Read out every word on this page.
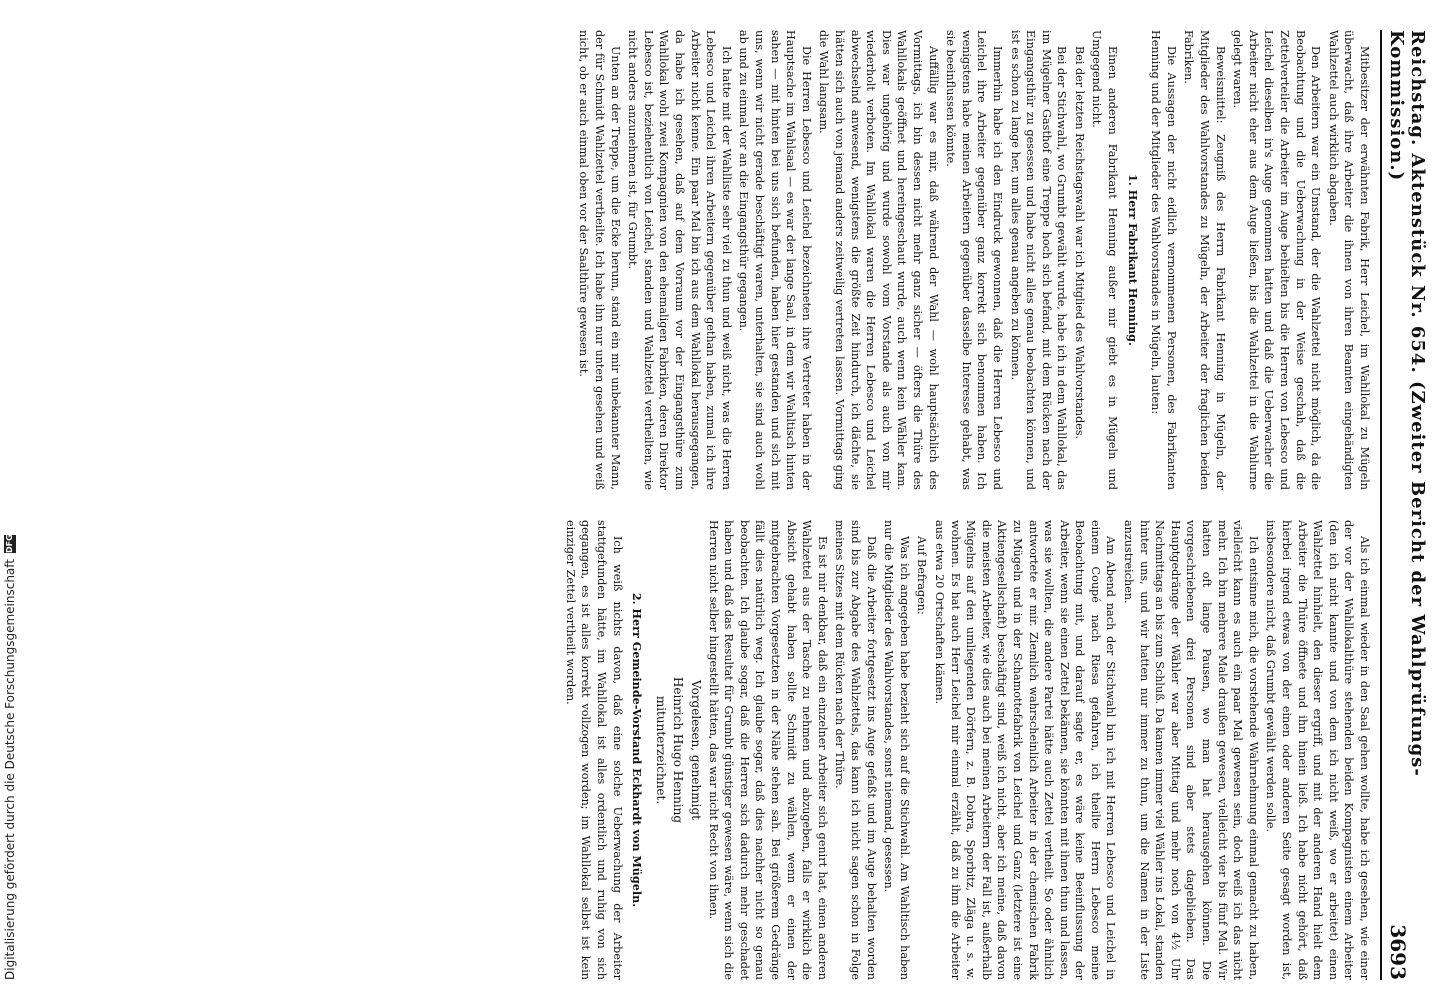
Digitalisierung gefördert durch die Deutsche Forschungsgemeinschaft
DFG	Reichstag. Aktenstück Nr. 654. (Zweiter Bericht der Wahlprüfungs-Kommission.)
3693

Mitbesitzer der erwähnten Fabrik, Herr Leichel, im Wahllokal zu Mügeln überwacht, daß ihre Arbeiter die ihnen von ihren Beamten eingehändigten Wahlzettel auch wirklich abgaben.

Den Arbeitern war ein Umstand, der die Wahlzettel nicht möglich, da die Beobachtung und die Ueberwachung in der Weise geschah, daß die Zettelverteiler die Arbeiter im Auge behielten bis die Herren von Lebesco und Leichel dieselben in's Auge genommen hatten und daß die Ueberwacher die Arbeiter nicht eher aus dem Auge ließen, bis die Wahlzettel in die Wahlurne gelegt waren.

Beweismittel: Zeugniß des Herrn Fabrikant Henning in Mügeln, der Mitglieder des Wahlvorstandes zu Mügeln, der Arbeiter der fraglichen beiden Fabriken.

Die Aussagen der nicht eidlich vernommenen Personen, des Fabrikanten Henning und der Mitglieder des Wahlvorstandes in Mügeln, lauten:

1. Herr Fabrikant Henning.

Einen anderen Fabrikant Henning außer mir giebt es in Mügeln und Umgegend nicht.

Bei der letzten Reichstagswahl war ich Mitglied des Wahlvorstandes.

Bei der Stichwahl, wo Grumbt gewählt wurde, habe ich in dem Wahllokal, das im Mügelner Gasthof eine Treppe hoch sich befand, mit dem Rücken nach der Eingangsthür zu gesessen und habe nicht alles genau beobachten können, und ist es schon zu lange her, um alles genau angeben zu können.

Immerhin habe ich den Eindruck gewonnen, daß die Herren Lebesco und Leichel ihre Arbeiter gegenüber ganz korrekt sich benommen haben. Ich wenigstens habe meinen Arbeitern gegenüber dasselbe Interesse gehabt, was sie beeinflussen könnte.

Auffällig war es mir, daß während der Wahl — wohl hauptsächlich des Vormittags, ich bin dessen nicht mehr ganz sicher — öfters die Thüre des Wahllokals geöffnet und hereingeschaut wurde, auch wenn kein Wähler kam. Dies war ungehörig und wurde sowohl vom Vorstande als auch von mir wiederholt verboten. Im Wahllokal waren die Herren Lebesco und Leichel abwechselnd anwesend, wenigstens die größte Zeit hindurch, ich dächte, sie hätten sich auch von jemand anders zeitweilig vertreten lassen. Vormittags ging die Wahl langsam.

Die Herren Lebesco und Leichel bezeichneten ihre Vertreter haben in der Hauptsache im Wahlsaal — es war der lange Saal, in dem wir Wahltisch hinten sahen — mit hinten bei uns sich befunden, haben hier gestanden und sich mit uns, wenn wir nicht gerade beschäftigt waren, unterhalten, sie sind auch wohl ab und zu einmal vor an die Eingangsthür gegangen.

Ich hatte mit der Wahlliste sehr viel zu thun und weiß nicht, was die Herren Lebesco und Leichel ihren Arbeitern gegenüber gethan haben, zumal ich ihre Arbeiter nicht kenne. Ein paar Mal bin ich aus dem Wahllokal herausgegangen, da habe ich gesehen, daß auf dem Vorraum vor der Eingangsthüre zum Wahllokal wohl zwei Kompagnien von den ehemaligen Fabriken, deren Direktor Lebesco ist, beziehentlich von Leichel, standen und Wahlzettel vertheilten, wie nicht anders anzunehmen ist, für Grumbt.

Unten an der Treppe, um die Ecke herum, stand ein mir unbekannter Mann, der für Schmidt Wahlzettel vertheilte. Ich habe ihn nur unten gesehen und weiß nicht, ob er auch einmal oben vor der Saalthüre gewesen ist.

Als ich einmal wieder in den Saal gehen wollte, habe ich gesehen, wie einer der vor der Wahllokalthüre stehenden beiden Kompagnisten einem Arbeiter (den ich nicht kannte und von dem ich nicht weiß, wo er arbeitet) einen Wahlzettel hinhielt, den dieser ergriff, und mit der anderen Hand hielt dem Arbeiter die Thüre öffnete und ihn hinein ließ. Ich habe nicht gehört, daß hierbei irgend etwas von der einen oder anderen Seite gesagt worden ist, insbesondere nicht, daß Grumbt gewählt werden solle.

Ich entsinne mich, die vorstehende Wahrnehmung einmal gemacht zu haben, vielleicht kann es auch ein paar Mal gewesen sein, doch weiß ich das nicht mehr. Ich bin mehrere Male draußen gewesen, vielleicht vier bis fünf Mal. Wir hatten oft lange Pausen, wo man hat herausgehen können. Die vorgeschriebenen drei Personen sind aber stets dageblieben. Das Hauptgedränge der Wähler war aber Mittag und mehr noch von 4½ Uhr Nachmittags an bis zum Schluß. Da kamen immer viel Wähler ins Lokal, standen hinter uns, und wir hatten nur immer zu thun, um die Namen in der Liste anzustreichen.

Am Abend nach der Stichwahl bin ich mit Herren Lebesco und Leichel in einem Coupé nach Riesa gefahren, ich theilte Herrn Lebesco meine Beobachtung mit, und darauf sagte er, es wäre keine Beeinflussung der Arbeiter, wenn sie einen Zettel bekämen, sie könnten mit ihnen thun und lassen, was sie wollten, die andere Partei hätte auch Zettel vertheilt. So oder ähnlich antwortete er mir. Ziemlich wahrscheinlich Arbeiter in der chemischen Fabrik zu Mügeln und in der Schamottefabrik von Leichel und Ganz (letztere ist eine Aktiengesellschaft) beschäftigt sind, weiß ich nicht, aber ich meine, daß davon die meisten Arbeiter, wie dies auch bei meinen Arbeitern der Fall ist, außerhalb Mügelns auf den umliegenden Dörfern, z. B. Dobra, Sporbitz, Zläga u. s. w. wohnen. Es hat auch Herr Leichel mir einmal erzählt, daß zu ihm die Arbeiter aus etwa 20 Ortschaften kämen.

Auf Befragen:

Was ich angegeben habe bezieht sich auf die Stichwahl. Am Wahltisch haben nur die Mitglieder des Wahlvorstandes, sonst niemand, gesessen.

Daß die Arbeiter fortgesetzt ins Auge gefaßt und im Auge behalten worden sind bis zur Abgabe des Wahlzettels, das kann ich nicht sagen schon in Folge meines Sitzes mit dem Rücken nach der Thüre.

Es ist mir denkbar, daß ein einzelner Arbeiter sich genirt hat, einen anderen Wahlzettel aus der Tasche zu nehmen und abzugeben, falls er wirklich die Absicht gehabt haben sollte Schmidt zu wählen, wenn er einen der mitgebrachten Vorgesetzten in der Nähe stehen sah. Bei größerem Gedränge fällt dies natürlich weg. Ich glaube sogar, daß dies nachher nicht so genau beobachten. Ich glaube sogar, daß die Herren sich dadurch mehr geschadet haben und daß das Resultat für Grumbt günstiger gewesen wäre, wenn sich die Herren nicht selber hingestellt hätten, das war nicht Recht von ihnen.

Vorgelesen, genehmigt

Heinrich Hugo Henning

mitunterzeichnet.

2. Herr Gemeinde-Vorstand Eckhardt von Mügeln.

Ich weiß nichts davon, daß eine solche Ueberwachung der Arbeiter stattgefunden hätte, im Wahllokal ist alles ordentlich und ruhig von sich gegangen, es ist alles korrekt vollzogen worden; im Wahllokal selbst ist kein einziger Zettel vertheilt worden.
